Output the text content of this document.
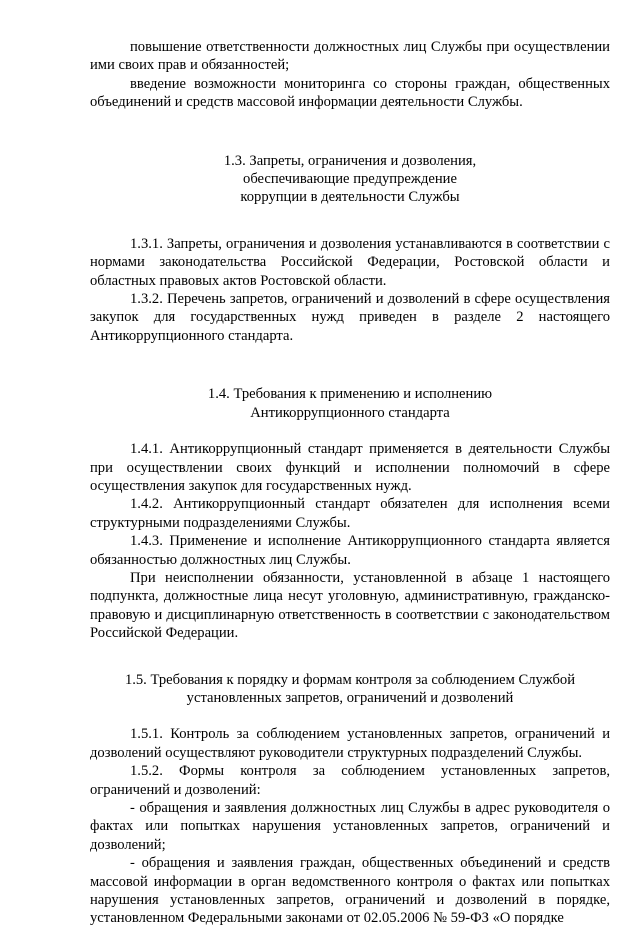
повышение ответственности должностных лиц Службы при осуществлении ими своих прав и обязанностей;

введение возможности мониторинга со стороны граждан, общественных объединений и средств массовой информации деятельности Службы.

1.3. Запреты, ограничения и дозволения,

обеспечивающие предупреждение

коррупции в деятельности Службы

1.3.1. Запреты, ограничения и дозволения устанавливаются в соответствии с нормами законодательства Российской Федерации, Ростовской области и областных правовых актов Ростовской области.

1.3.2. Перечень запретов, ограничений и дозволений в сфере осуществления закупок для государственных нужд приведен в разделе 2 настоящего Антикоррупционного стандарта.

1.4. Требования к применению и исполнению

Антикоррупционного стандарта

1.4.1. Антикоррупционный стандарт применяется в деятельности Службы при осуществлении своих функций и исполнении полномочий в сфере осуществления закупок для государственных нужд.

1.4.2. Антикоррупционный стандарт обязателен для исполнения всеми структурными подразделениями Службы.

1.4.3. Применение и исполнение Антикоррупционного стандарта является обязанностью должностных лиц Службы.

При неисполнении обязанности, установленной в абзаце 1 настоящего подпункта, должностные лица несут уголовную, административную, гражданско-правовую и дисциплинарную ответственность в соответствии с законодательством Российской Федерации.

1.5. Требования к порядку и формам контроля за соблюдением Службой

установленных запретов, ограничений и дозволений

1.5.1. Контроль за соблюдением установленных запретов, ограничений и дозволений осуществляют руководители структурных подразделений Службы.

1.5.2. Формы контроля за соблюдением установленных запретов, ограничений и дозволений:

- обращения и заявления должностных лиц Службы в адрес руководителя о фактах или попытках нарушения установленных запретов, ограничений и дозволений;

- обращения и заявления граждан, общественных объединений и средств массовой информации в орган ведомственного контроля о фактах или попытках нарушения установленных запретов, ограничений и дозволений в порядке, установленном Федеральными законами от 02.05.2006 № 59-ФЗ «О порядке
